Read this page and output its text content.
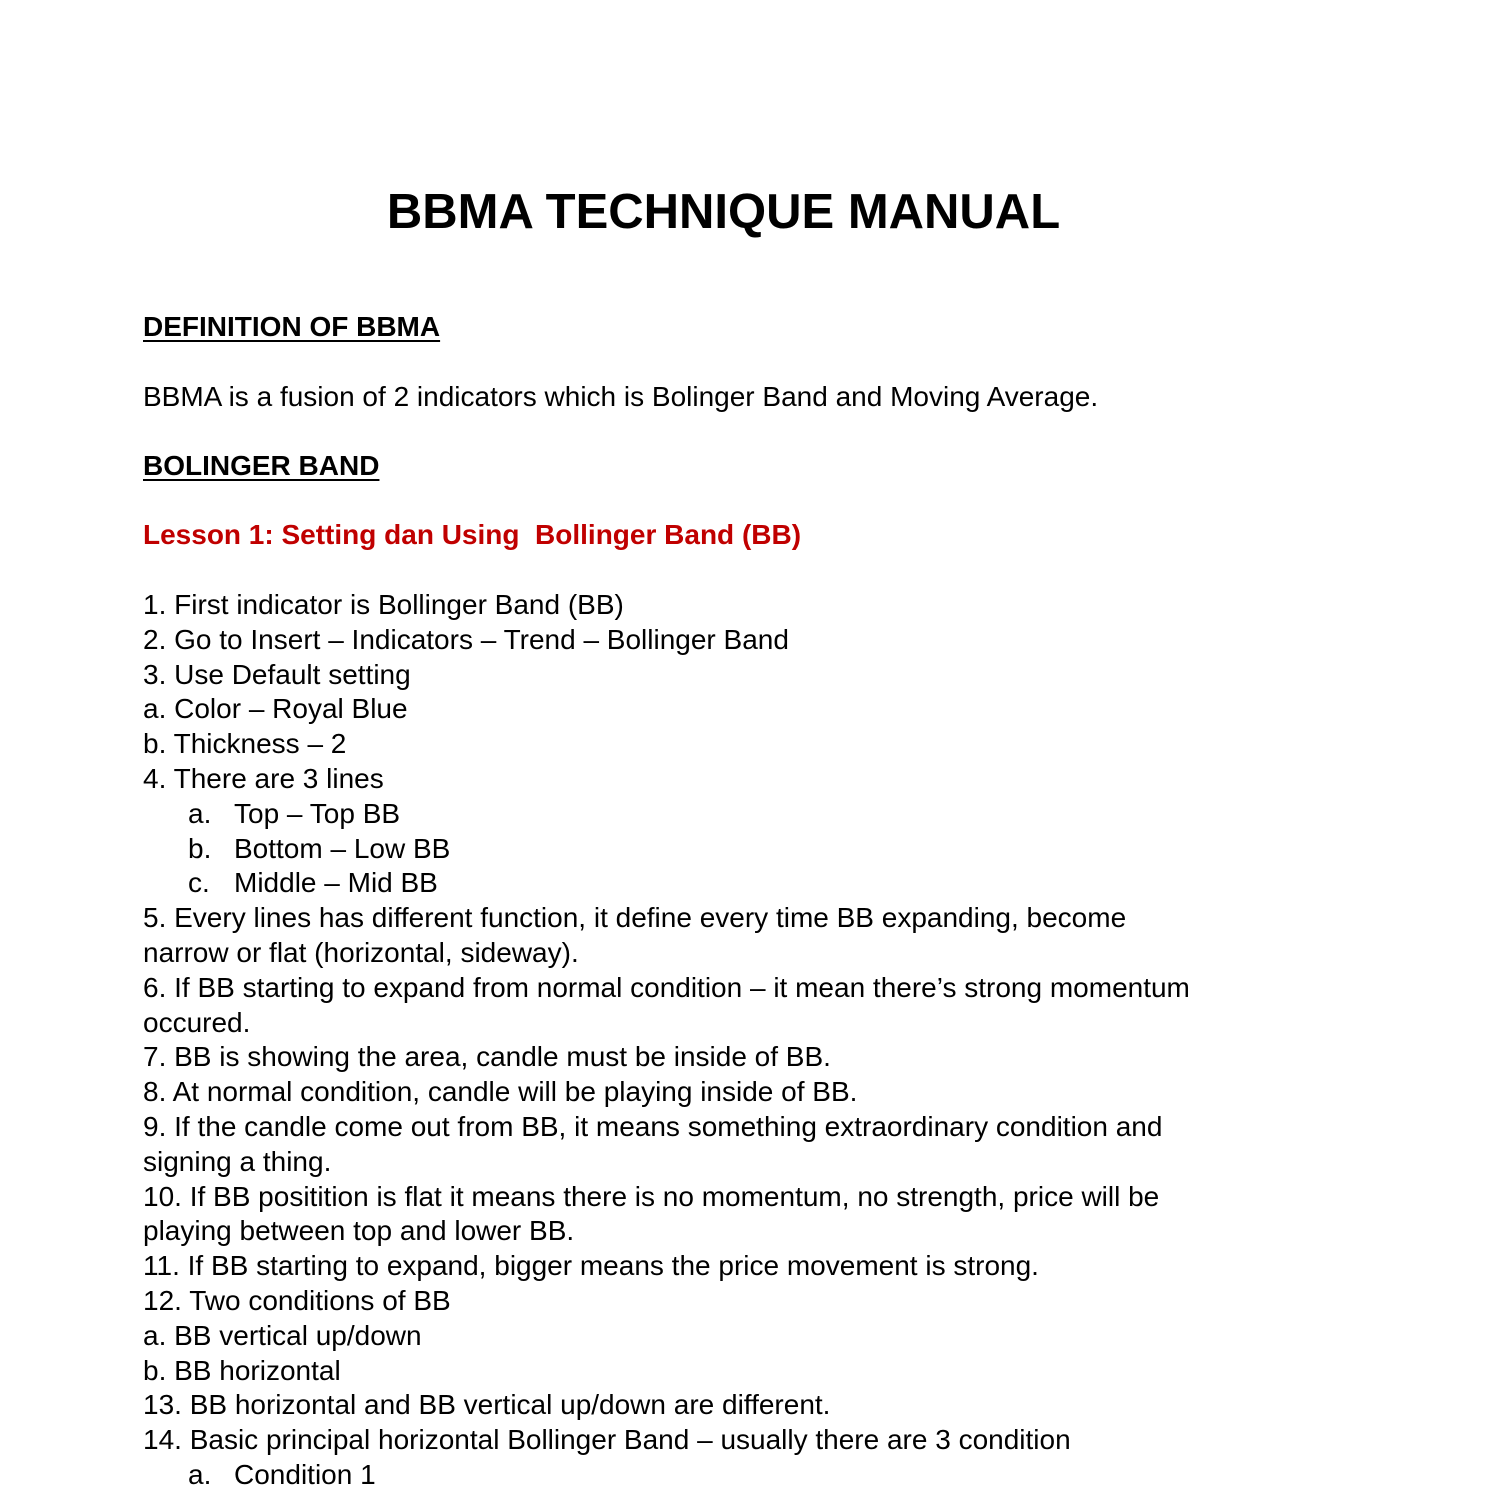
BBMA TECHNIQUE MANUAL
DEFINITION OF BBMA
BBMA is a fusion of 2 indicators which is Bolinger Band and Moving Average.
BOLINGER BAND
Lesson 1: Setting dan Using  Bollinger Band (BB)
1. First indicator is Bollinger Band (BB)
2. Go to Insert – Indicators – Trend – Bollinger Band
3. Use Default setting
a. Color – Royal Blue
b. Thickness – 2
4. There are 3 lines
a. Top – Top BB
b. Bottom – Low BB
c. Middle – Mid BB
5. Every lines has different function, it define every time BB expanding, become
narrow or flat (horizontal, sideway).
6. If BB starting to expand from normal condition – it mean there’s strong momentum
occured.
7. BB is showing the area, candle must be inside of BB.
8. At normal condition, candle will be playing inside of BB.
9. If the candle come out from BB, it means something extraordinary condition and
signing a thing.
10. If BB positition is flat it means there is no momentum, no strength, price will be
playing between top and lower BB.
11. If BB starting to expand, bigger means the price movement is strong.
12. Two conditions of BB
a. BB vertical up/down
b. BB horizontal
13. BB horizontal and BB vertical up/down are different.
14. Basic principal horizontal Bollinger Band – usually there are 3 condition
a. Condition 1
